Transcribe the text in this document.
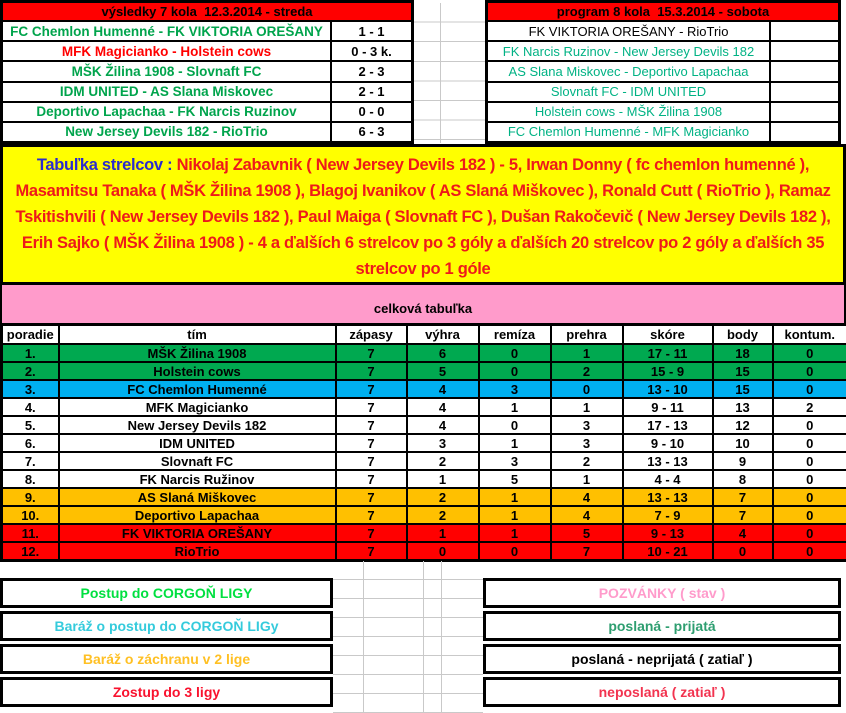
výsledky 7 kola  12.3.2014 - streda
FC Chemlon Humenné - FK VIKTORIA OREŠANY	1 - 1
MFK Magicianko - Holstein cows	0 - 3 k.
MŠK Žilina 1908 - Slovnaft FC	2 - 3
IDM UNITED - AS Slana Miskovec	2 - 1
Deportivo Lapachaa - FK Narcis Ruzinov	0 - 0
New Jersey Devils 182 - RioTrio	6 - 3
program 8 kola  15.3.2014 - sobota
FK VIKTORIA OREŠANY - RioTrio
FK Narcis Ruzinov - New Jersey Devils 182
AS Slana Miskovec - Deportivo Lapachaa
Slovnaft FC - IDM UNITED
Holstein cows - MŠK Žilina 1908
FC Chemlon Humenné - MFK Magicianko
Tabuľka strelcov : Nikolaj Zabavnik ( New Jersey Devils 182 ) - 5, Irwan Donny ( fc chemlon humenné ), Masamitsu Tanaka ( MŠK Žilina 1908 ), Blagoj Ivanikov ( AS Slaná Miškovec ), Ronald Cutt ( RioTrio ), Ramaz Tskitishvili ( New Jersey Devils 182 ), Paul Maiga ( Slovnaft FC ), Dušan Rakočevič ( New Jersey Devils 182 ), Erih Sajko ( MŠK Žilina 1908 ) - 4 a ďalších 6 strelcov po 3 góly a ďalších 20 strelcov po 2 góly a ďalších 35 strelcov po 1 góle
celková tabuľka
poradie	tím	zápasy	výhra	remíza	prehra	skóre	body	kontum.
1.	MŠK Žilina 1908	7	6	0	1	17 - 11	18	0
2.	Holstein cows	7	5	0	2	15 - 9	15	0
3.	FC Chemlon Humenné	7	4	3	0	13 - 10	15	0
4.	MFK Magicianko	7	4	1	1	9 - 11	13	2
5.	New Jersey Devils 182	7	4	0	3	17 - 13	12	0
6.	IDM UNITED	7	3	1	3	9 - 10	10	0
7.	Slovnaft FC	7	2	3	2	13 - 13	9	0
8.	FK Narcis Ružinov	7	1	5	1	4 - 4	8	0
9.	AS Slaná Miškovec	7	2	1	4	13 - 13	7	0
10.	Deportivo Lapachaa	7	2	1	4	7 - 9	7	0
11.	FK VIKTORIA OREŠANY	7	1	1	5	9 - 13	4	0
12.	RioTrio	7	0	0	7	10 - 21	0	0
Postup do CORGOŇ LIGY
Baráž o postup do CORGOŇ LIGy
Baráž o záchranu v 2 lige
Zostup do 3 ligy
POZVÁNKY ( stav )
poslaná - prijatá
poslaná - neprijatá ( zatiaľ )
neposlaná ( zatiaľ )
